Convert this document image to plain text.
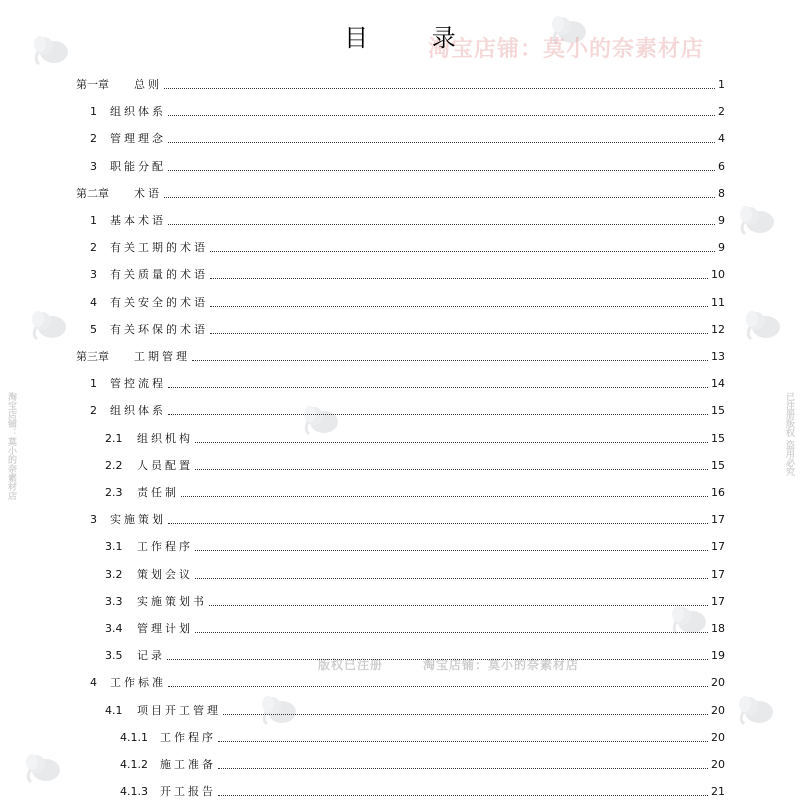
淘宝店铺：莫小的奈素材店
版权已注册	淘宝店铺：莫小的奈素材店
淘宝店铺：莫小的奈素材店	已注册版权 盗用必究
目 录
第一章	总则	1
1	组织体系	2
2	管理理念	4
3	职能分配	6
第二章	术语	8
1	基本术语	9
2	有关工期的术语	9
3	有关质量的术语	10
4	有关安全的术语	11
5	有关环保的术语	12
第三章	工期管理	13
1	管控流程	14
2	组织体系	15
2.1	组织机构	15
2.2	人员配置	15
2.3	责任制	16
3	实施策划	17
3.1	工作程序	17
3.2	策划会议	17
3.3	实施策划书	17
3.4	管理计划	18
3.5	记录	19
4	工作标准	20
4.1	项目开工管理	20
4.1.1	工作程序	20
4.1.2	施工准备	20
4.1.3	开工报告	21
